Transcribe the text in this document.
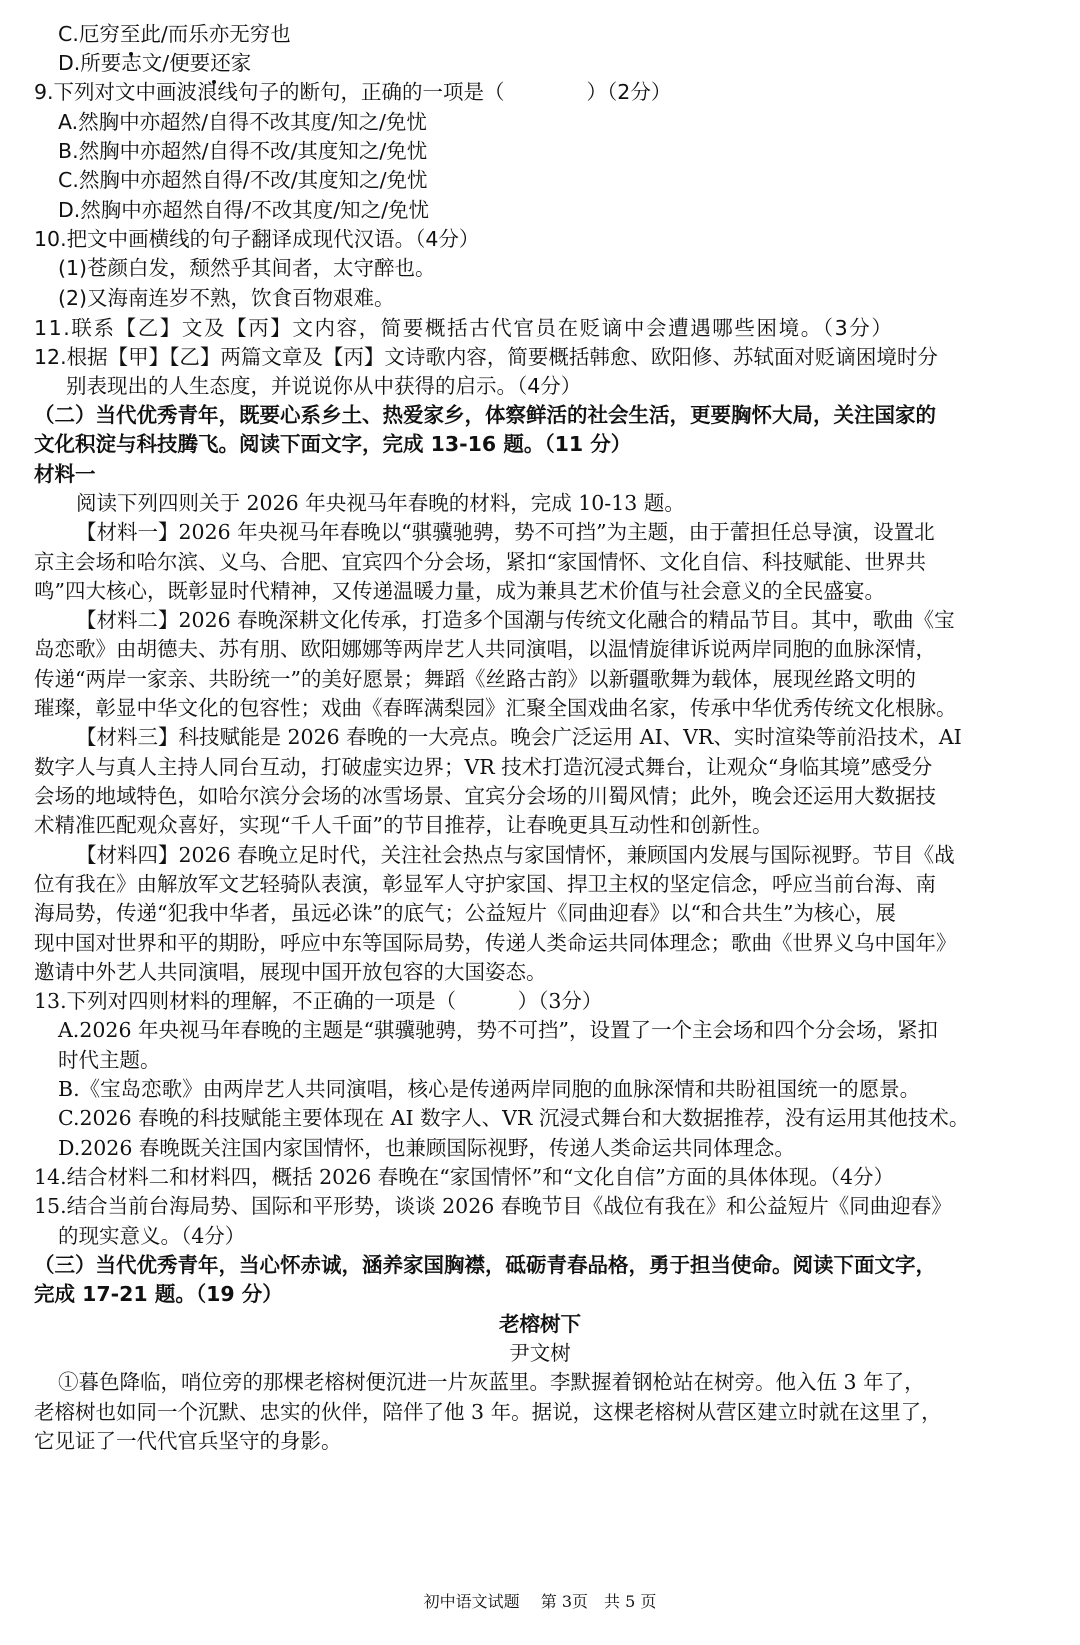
C.厄穷至此/而乐亦无穷也
D.所要志文/便要还家
9.下列对文中画波浪线句子的断句，正确的一项是（　　　　）（2分）
A.然胸中亦超然/自得不改其度/知之/免忧
B.然胸中亦超然/自得不改/其度知之/免忧
C.然胸中亦超然自得/不改/其度知之/免忧
D.然胸中亦超然自得/不改其度/知之/免忧
10.把文中画横线的句子翻译成现代汉语。（4分）
(1)苍颜白发，颓然乎其间者，太守醉也。
(2)又海南连岁不熟，饮食百物艰难。
11.联系【乙】文及【丙】文内容，简要概括古代官员在贬谪中会遭遇哪些困境。（3分）
12.根据【甲】【乙】两篇文章及【丙】文诗歌内容，简要概括韩愈、欧阳修、苏轼面对贬谪困境时分
别表现出的人生态度，并说说你从中获得的启示。（4分）
（二）当代优秀青年，既要心系乡土、热爱家乡，体察鲜活的社会生活，更要胸怀大局，关注国家的
文化积淀与科技腾飞。阅读下面文字，完成 13-16 题。（11 分）
材料一
阅读下列四则关于 2026 年央视马年春晚的材料，完成 10-13 题。
【材料一】2026 年央视马年春晚以“骐骥驰骋，势不可挡”为主题，由于蕾担任总导演，设置北
京主会场和哈尔滨、义乌、合肥、宜宾四个分会场，紧扣“家国情怀、文化自信、科技赋能、世界共
鸣”四大核心，既彰显时代精神，又传递温暖力量，成为兼具艺术价值与社会意义的全民盛宴。
【材料二】2026 春晚深耕文化传承，打造多个国潮与传统文化融合的精品节目。其中，歌曲《宝
岛恋歌》由胡德夫、苏有朋、欧阳娜娜等两岸艺人共同演唱，以温情旋律诉说两岸同胞的血脉深情，
传递“两岸一家亲、共盼统一”的美好愿景；舞蹈《丝路古韵》以新疆歌舞为载体，展现丝路文明的
璀璨，彰显中华文化的包容性；戏曲《春晖满梨园》汇聚全国戏曲名家，传承中华优秀传统文化根脉。
【材料三】科技赋能是 2026 春晚的一大亮点。晚会广泛运用 AI、VR、实时渲染等前沿技术，AI
数字人与真人主持人同台互动，打破虚实边界；VR 技术打造沉浸式舞台，让观众“身临其境”感受分
会场的地域特色，如哈尔滨分会场的冰雪场景、宜宾分会场的川蜀风情；此外，晚会还运用大数据技
术精准匹配观众喜好，实现“千人千面”的节目推荐，让春晚更具互动性和创新性。
【材料四】2026 春晚立足时代，关注社会热点与家国情怀，兼顾国内发展与国际视野。节目《战
位有我在》由解放军文艺轻骑队表演，彰显军人守护家国、捍卫主权的坚定信念，呼应当前台海、南
海局势，传递“犯我中华者，虽远必诛”的底气；公益短片《同曲迎春》以“和合共生”为核心，展
现中国对世界和平的期盼，呼应中东等国际局势，传递人类命运共同体理念；歌曲《世界义乌中国年》
邀请中外艺人共同演唱，展现中国开放包容的大国姿态。
13.下列对四则材料的理解，不正确的一项是（　　　）（3分）
A.2026 年央视马年春晚的主题是“骐骥驰骋，势不可挡”，设置了一个主会场和四个分会场，紧扣
时代主题。
B.《宝岛恋歌》由两岸艺人共同演唱，核心是传递两岸同胞的血脉深情和共盼祖国统一的愿景。
C.2026 春晚的科技赋能主要体现在 AI 数字人、VR 沉浸式舞台和大数据推荐，没有运用其他技术。
D.2026 春晚既关注国内家国情怀，也兼顾国际视野，传递人类命运共同体理念。
14.结合材料二和材料四，概括 2026 春晚在“家国情怀”和“文化自信”方面的具体体现。（4分）
15.结合当前台海局势、国际和平形势，谈谈 2026 春晚节目《战位有我在》和公益短片《同曲迎春》
的现实意义。（4分）
（三）当代优秀青年，当心怀赤诚，涵养家国胸襟，砥砺青春品格，勇于担当使命。阅读下面文字，
完成 17-21 题。（19 分）
老榕树下
尹文树
①暮色降临，哨位旁的那棵老榕树便沉进一片灰蓝里。李默握着钢枪站在树旁。他入伍 3 年了，
老榕树也如同一个沉默、忠实的伙伴，陪伴了他 3 年。据说，这棵老榕树从营区建立时就在这里了，
它见证了一代代官兵坚守的身影。
初中语文试题　 第 3页　共 5 页
